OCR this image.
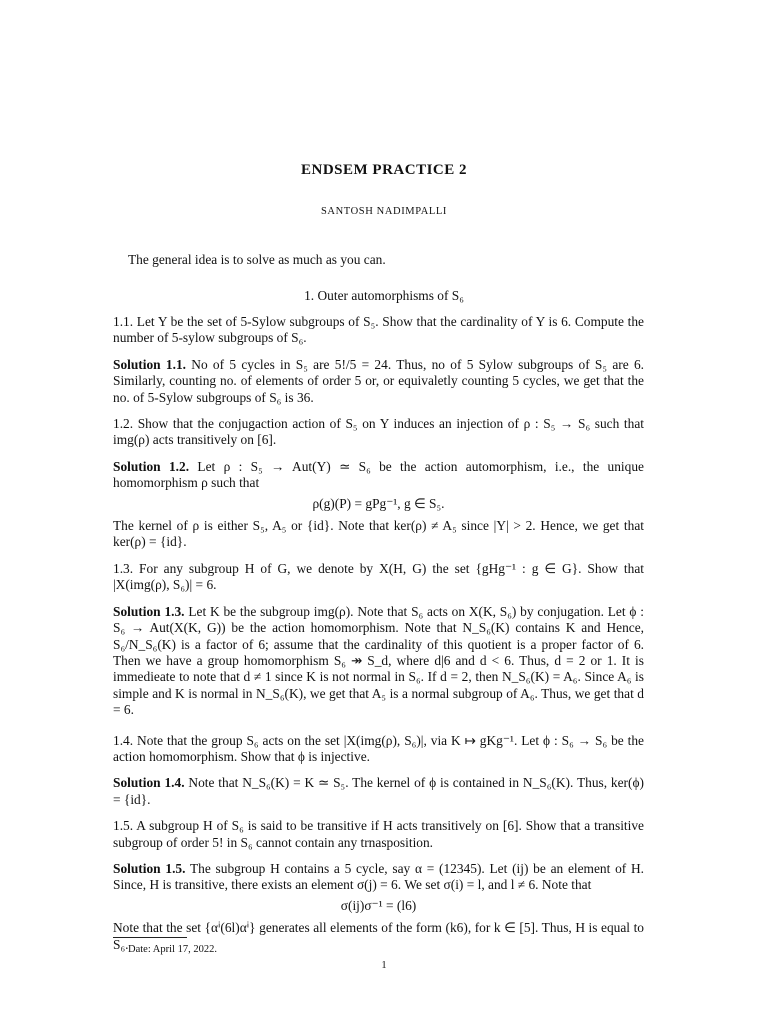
ENDSEM PRACTICE 2
SANTOSH NADIMPALLI
The general idea is to solve as much as you can.
1. Outer automorphisms of S₆

1.1. Let Y be the set of 5-Sylow subgroups of S₅. Show that the cardinality of Y is 6. Compute the number of 5-sylow subgroups of S₆.

Solution 1.1. No of 5 cycles in S₅ are 5!/5 = 24. Thus, no of 5 Sylow subgroups of S₅ are 6. Similarly, counting no. of elements of order 5 or, or equivaletly counting 5 cycles, we get that the no. of 5-Sylow subgroups of S₆ is 36.

1.2. Show that the conjugaction action of S₅ on Y induces an injection of ρ : S₅ → S₆ such that img(ρ) acts transitively on [6].

Solution 1.2. Let ρ : S₅ → Aut(Y) ≃ S₆ be the action automorphism, i.e., the unique homomorphism ρ such that

ρ(g)(P) = gPg⁻¹, g ∈ S₅.

The kernel of ρ is either S₅, A₅ or {id}. Note that ker(ρ) ≠ A₅ since |Y| > 2. Hence, we get that ker(ρ) = {id}.

1.3. For any subgroup H of G, we denote by X(H, G) the set {gHg⁻¹ : g ∈ G}. Show that |X(img(ρ), S₆)| = 6.

Solution 1.3. Let K be the subgroup img(ρ). Note that S₆ acts on X(K, S₆) by conjugation. Let ϕ : S₆ → Aut(X(K, G)) be the action homomorphism. Note that N_S₆(K) contains K and Hence, S₆/N_S₆(K) is a factor of 6; assume that the cardinality of this quotient is a proper factor of 6. Then we have a group homomorphism S₆ ↠ S_d, where d|6 and d < 6. Thus, d = 2 or 1. It is immedieate to note that d ≠ 1 since K is not normal in S₆. If d = 2, then N_S₆(K) = A₆. Since A₆ is simple and K is normal in N_S₆(K), we get that A₅ is a normal subgroup of A₆. Thus, we get that d = 6.

1.4. Note that the group S₆ acts on the set |X(img(ρ), S₆)|, via K ↦ gKg⁻¹. Let ϕ : S₆ → S₆ be the action homomorphism. Show that ϕ is injective.

Solution 1.4. Note that N_S₆(K) = K ≃ S₅. The kernel of ϕ is contained in N_S₆(K). Thus, ker(ϕ) = {id}.

1.5. A subgroup H of S₆ is said to be transitive if H acts transitively on [6]. Show that a transitive subgroup of order 5! in S₆ cannot contain any trnasposition.

Solution 1.5. The subgroup H contains a 5 cycle, say α = (12345). Let (ij) be an element of H. Since, H is transitive, there exists an element σ(j) = 6. We set σ(i) = l, and l ≠ 6. Note that

σ(ij)σ⁻¹ = (l6)

Note that the set {αⁱ(6l)αⁱ} generates all elements of the form (k6), for k ∈ [5]. Thus, H is equal to S₆. Date: April 17, 2022.
1
